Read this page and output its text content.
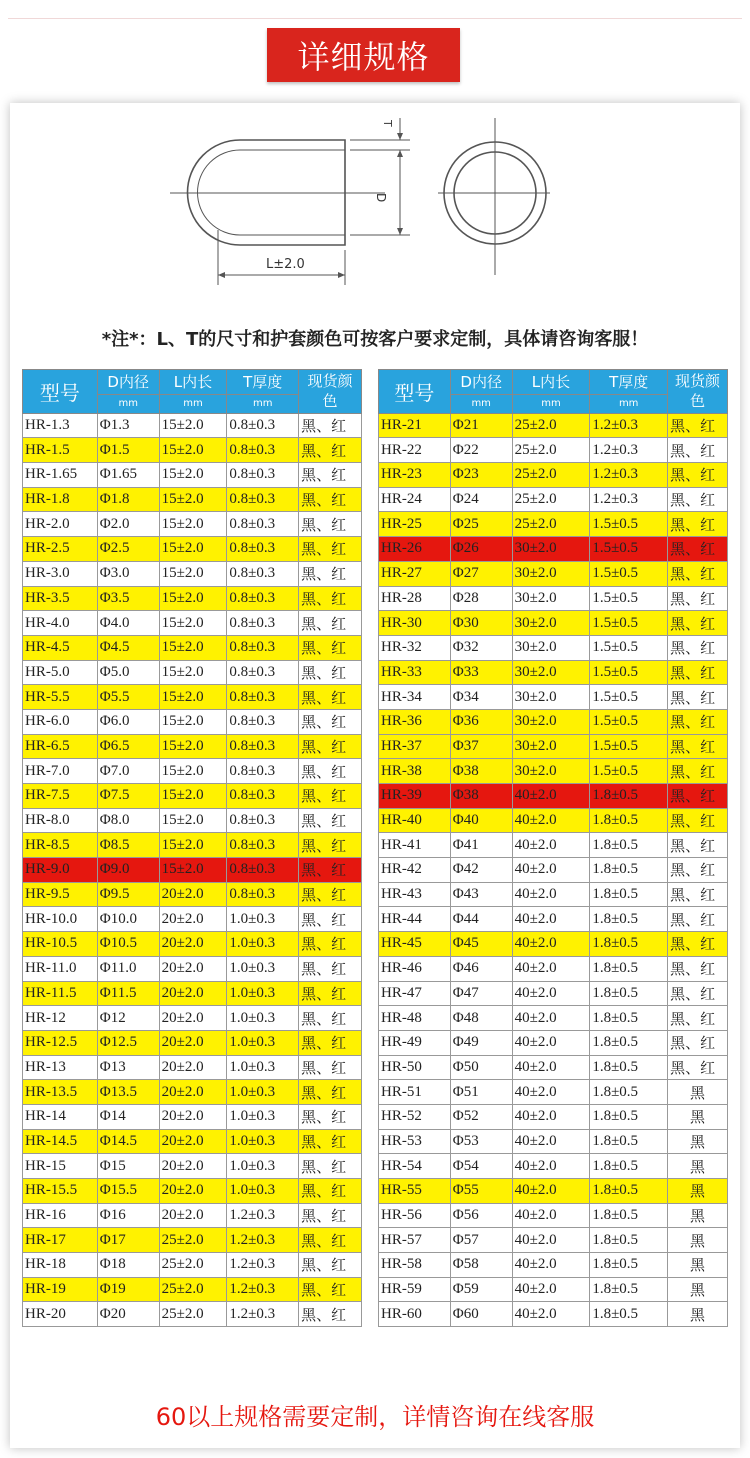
详细规格
L±2.0
D
T
*注*：L、T的尺寸和护套颜色可按客户要求定制，具体请咨询客服！
型号	D内径	L内长	T厚度	现货颜色
	mm	mm	mm	
HR-1.3	Φ1.3	15±2.0	0.8±0.3	黑、红
HR-1.5	Φ1.5	15±2.0	0.8±0.3	黑、红
HR-1.65	Φ1.65	15±2.0	0.8±0.3	黑、红
HR-1.8	Φ1.8	15±2.0	0.8±0.3	黑、红
HR-2.0	Φ2.0	15±2.0	0.8±0.3	黑、红
HR-2.5	Φ2.5	15±2.0	0.8±0.3	黑、红
HR-3.0	Φ3.0	15±2.0	0.8±0.3	黑、红
HR-3.5	Φ3.5	15±2.0	0.8±0.3	黑、红
HR-4.0	Φ4.0	15±2.0	0.8±0.3	黑、红
HR-4.5	Φ4.5	15±2.0	0.8±0.3	黑、红
HR-5.0	Φ5.0	15±2.0	0.8±0.3	黑、红
HR-5.5	Φ5.5	15±2.0	0.8±0.3	黑、红
HR-6.0	Φ6.0	15±2.0	0.8±0.3	黑、红
HR-6.5	Φ6.5	15±2.0	0.8±0.3	黑、红
HR-7.0	Φ7.0	15±2.0	0.8±0.3	黑、红
HR-7.5	Φ7.5	15±2.0	0.8±0.3	黑、红
HR-8.0	Φ8.0	15±2.0	0.8±0.3	黑、红
HR-8.5	Φ8.5	15±2.0	0.8±0.3	黑、红
HR-9.0	Φ9.0	15±2.0	0.8±0.3	黑、红
HR-9.5	Φ9.5	20±2.0	0.8±0.3	黑、红
HR-10.0	Φ10.0	20±2.0	1.0±0.3	黑、红
HR-10.5	Φ10.5	20±2.0	1.0±0.3	黑、红
HR-11.0	Φ11.0	20±2.0	1.0±0.3	黑、红
HR-11.5	Φ11.5	20±2.0	1.0±0.3	黑、红
HR-12	Φ12	20±2.0	1.0±0.3	黑、红
HR-12.5	Φ12.5	20±2.0	1.0±0.3	黑、红
HR-13	Φ13	20±2.0	1.0±0.3	黑、红
HR-13.5	Φ13.5	20±2.0	1.0±0.3	黑、红
HR-14	Φ14	20±2.0	1.0±0.3	黑、红
HR-14.5	Φ14.5	20±2.0	1.0±0.3	黑、红
HR-15	Φ15	20±2.0	1.0±0.3	黑、红
HR-15.5	Φ15.5	20±2.0	1.0±0.3	黑、红
HR-16	Φ16	20±2.0	1.2±0.3	黑、红
HR-17	Φ17	25±2.0	1.2±0.3	黑、红
HR-18	Φ18	25±2.0	1.2±0.3	黑、红
HR-19	Φ19	25±2.0	1.2±0.3	黑、红
HR-20	Φ20	25±2.0	1.2±0.3	黑、红
型号	D内径	L内长	T厚度	现货颜色
	mm	mm	mm	
HR-21	Φ21	25±2.0	1.2±0.3	黑、红
HR-22	Φ22	25±2.0	1.2±0.3	黑、红
HR-23	Φ23	25±2.0	1.2±0.3	黑、红
HR-24	Φ24	25±2.0	1.2±0.3	黑、红
HR-25	Φ25	25±2.0	1.5±0.5	黑、红
HR-26	Φ26	30±2.0	1.5±0.5	黑、红
HR-27	Φ27	30±2.0	1.5±0.5	黑、红
HR-28	Φ28	30±2.0	1.5±0.5	黑、红
HR-30	Φ30	30±2.0	1.5±0.5	黑、红
HR-32	Φ32	30±2.0	1.5±0.5	黑、红
HR-33	Φ33	30±2.0	1.5±0.5	黑、红
HR-34	Φ34	30±2.0	1.5±0.5	黑、红
HR-36	Φ36	30±2.0	1.5±0.5	黑、红
HR-37	Φ37	30±2.0	1.5±0.5	黑、红
HR-38	Φ38	30±2.0	1.5±0.5	黑、红
HR-39	Φ38	40±2.0	1.8±0.5	黑、红
HR-40	Φ40	40±2.0	1.8±0.5	黑、红
HR-41	Φ41	40±2.0	1.8±0.5	黑、红
HR-42	Φ42	40±2.0	1.8±0.5	黑、红
HR-43	Φ43	40±2.0	1.8±0.5	黑、红
HR-44	Φ44	40±2.0	1.8±0.5	黑、红
HR-45	Φ45	40±2.0	1.8±0.5	黑、红
HR-46	Φ46	40±2.0	1.8±0.5	黑、红
HR-47	Φ47	40±2.0	1.8±0.5	黑、红
HR-48	Φ48	40±2.0	1.8±0.5	黑、红
HR-49	Φ49	40±2.0	1.8±0.5	黑、红
HR-50	Φ50	40±2.0	1.8±0.5	黑、红
HR-51	Φ51	40±2.0	1.8±0.5	黑
HR-52	Φ52	40±2.0	1.8±0.5	黑
HR-53	Φ53	40±2.0	1.8±0.5	黑
HR-54	Φ54	40±2.0	1.8±0.5	黑
HR-55	Φ55	40±2.0	1.8±0.5	黑
HR-56	Φ56	40±2.0	1.8±0.5	黑
HR-57	Φ57	40±2.0	1.8±0.5	黑
HR-58	Φ58	40±2.0	1.8±0.5	黑
HR-59	Φ59	40±2.0	1.8±0.5	黑
HR-60	Φ60	40±2.0	1.8±0.5	黑
60以上规格需要定制，详情咨询在线客服
